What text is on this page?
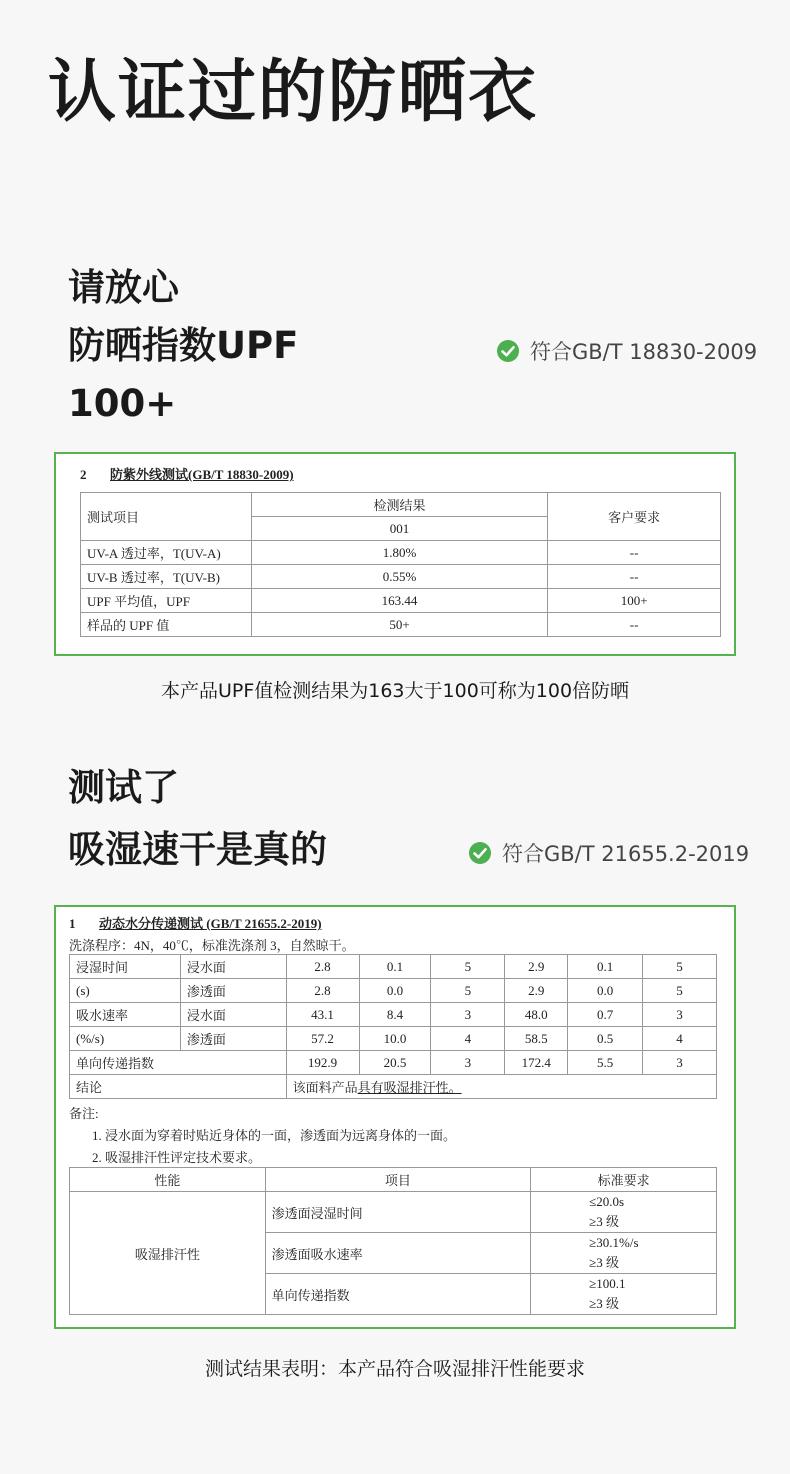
认证过的防晒衣
请放心
防晒指数UPF
100+
符合GB/T 18830-2009
2 防紫外线测试(GB/T 18830-2009)
测试项目	检测结果	客户要求
	001	
UV-A 透过率，T(UV-A)	1.80%	--
UV-B 透过率，T(UV-B)	0.55%	--
UPF 平均值，UPF	163.44	100+
样品的 UPF 值	50+	--
本产品UPF值检测结果为163大于100可称为100倍防晒
测试了
吸湿速干是真的	符合GB/T 21655.2-2019
1 动态水分传递测试 (GB/T 21655.2-2019)
洗涤程序：4N，40℃，标准洗涤剂 3，自然晾干。
浸湿时间	浸水面	2.8	0.1	5	2.9	0.1	5
(s)	渗透面	2.8	0.0	5	2.9	0.0	5
吸水速率	浸水面	43.1	8.4	3	48.0	0.7	3
(%/s)	渗透面	57.2	10.0	4	58.5	0.5	4
单向传递指数		192.9	20.5	3	172.4	5.5	3
结论		该面料产品具有吸湿排汗性。					
备注:
1. 浸水面为穿着时贴近身体的一面，渗透面为远离身体的一面。
2. 吸湿排汗性评定技术要求。
性能	项目	标准要求
吸湿排汗性	渗透面浸湿时间	≤20.0s
≥3 级

	渗透面吸水速率	≥30.1%/s
≥3 级

	单向传递指数	≥100.1
≥3 级
测试结果表明：本产品符合吸湿排汗性能要求
